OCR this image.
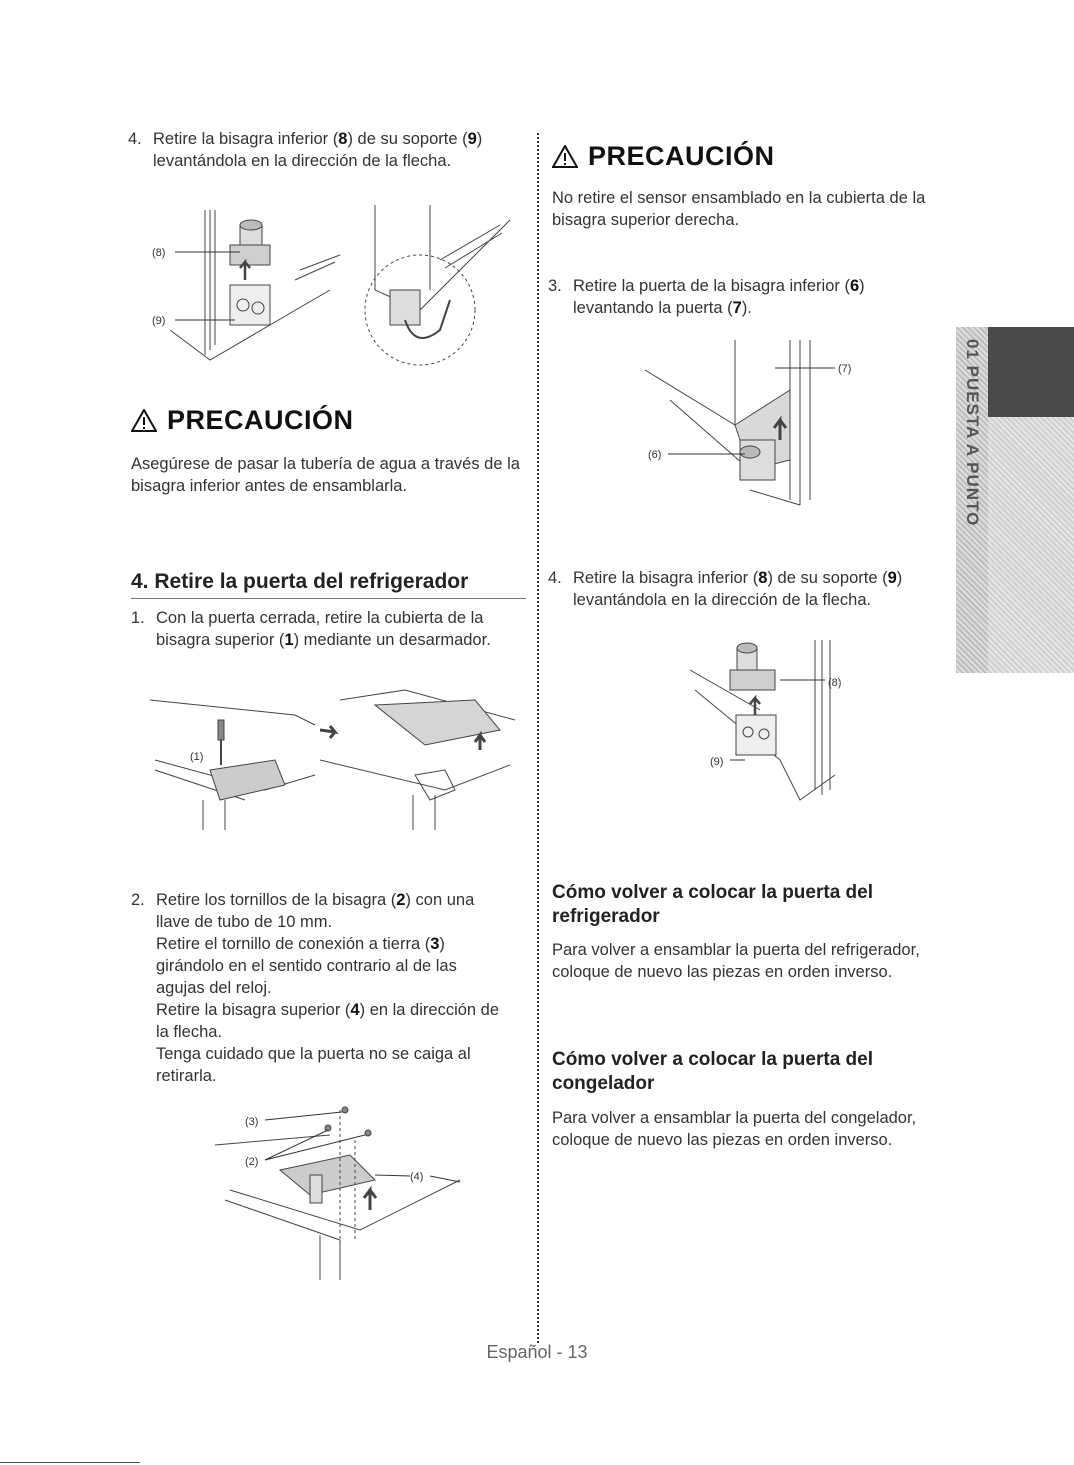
4. Retire la bisagra inferior (8) de su soporte (9)
levantándola en la dirección de la flecha.
(8)
(9)
PRECAUCIÓN
Asegúrese de pasar la tubería de agua a través de la bisagra inferior antes de ensamblarla.
4. Retire la puerta del refrigerador
1. Con la puerta cerrada, retire la cubierta de la
bisagra superior (1) mediante un desarmador.
(1)
2. Retire los tornillos de la bisagra (2) con una
llave de tubo de 10 mm.
Retire el tornillo de conexión a tierra (3)
girándolo en el sentido contrario al de las
agujas del reloj.
Retire la bisagra superior (4) en la dirección de
la flecha.
Tenga cuidado que la puerta no se caiga al
retirarla.
(3)
(2)
(4)
PRECAUCIÓN
No retire el sensor ensamblado en la cubierta de la bisagra superior derecha.
3. Retire la puerta de la bisagra inferior (6)
levantando la puerta (7).
(7)
(6)
4. Retire la bisagra inferior (8) de su soporte (9)
levantándola en la dirección de la flecha.
(8)
(9)
Cómo volver a colocar la puerta del
refrigerador
Para volver a ensamblar la puerta del refrigerador, coloque de nuevo las piezas en orden inverso.
Cómo volver a colocar la puerta del
congelador
Para volver a ensamblar la puerta del congelador, coloque de nuevo las piezas en orden inverso.
01 PUESTA A PUNTO
Español - 13
